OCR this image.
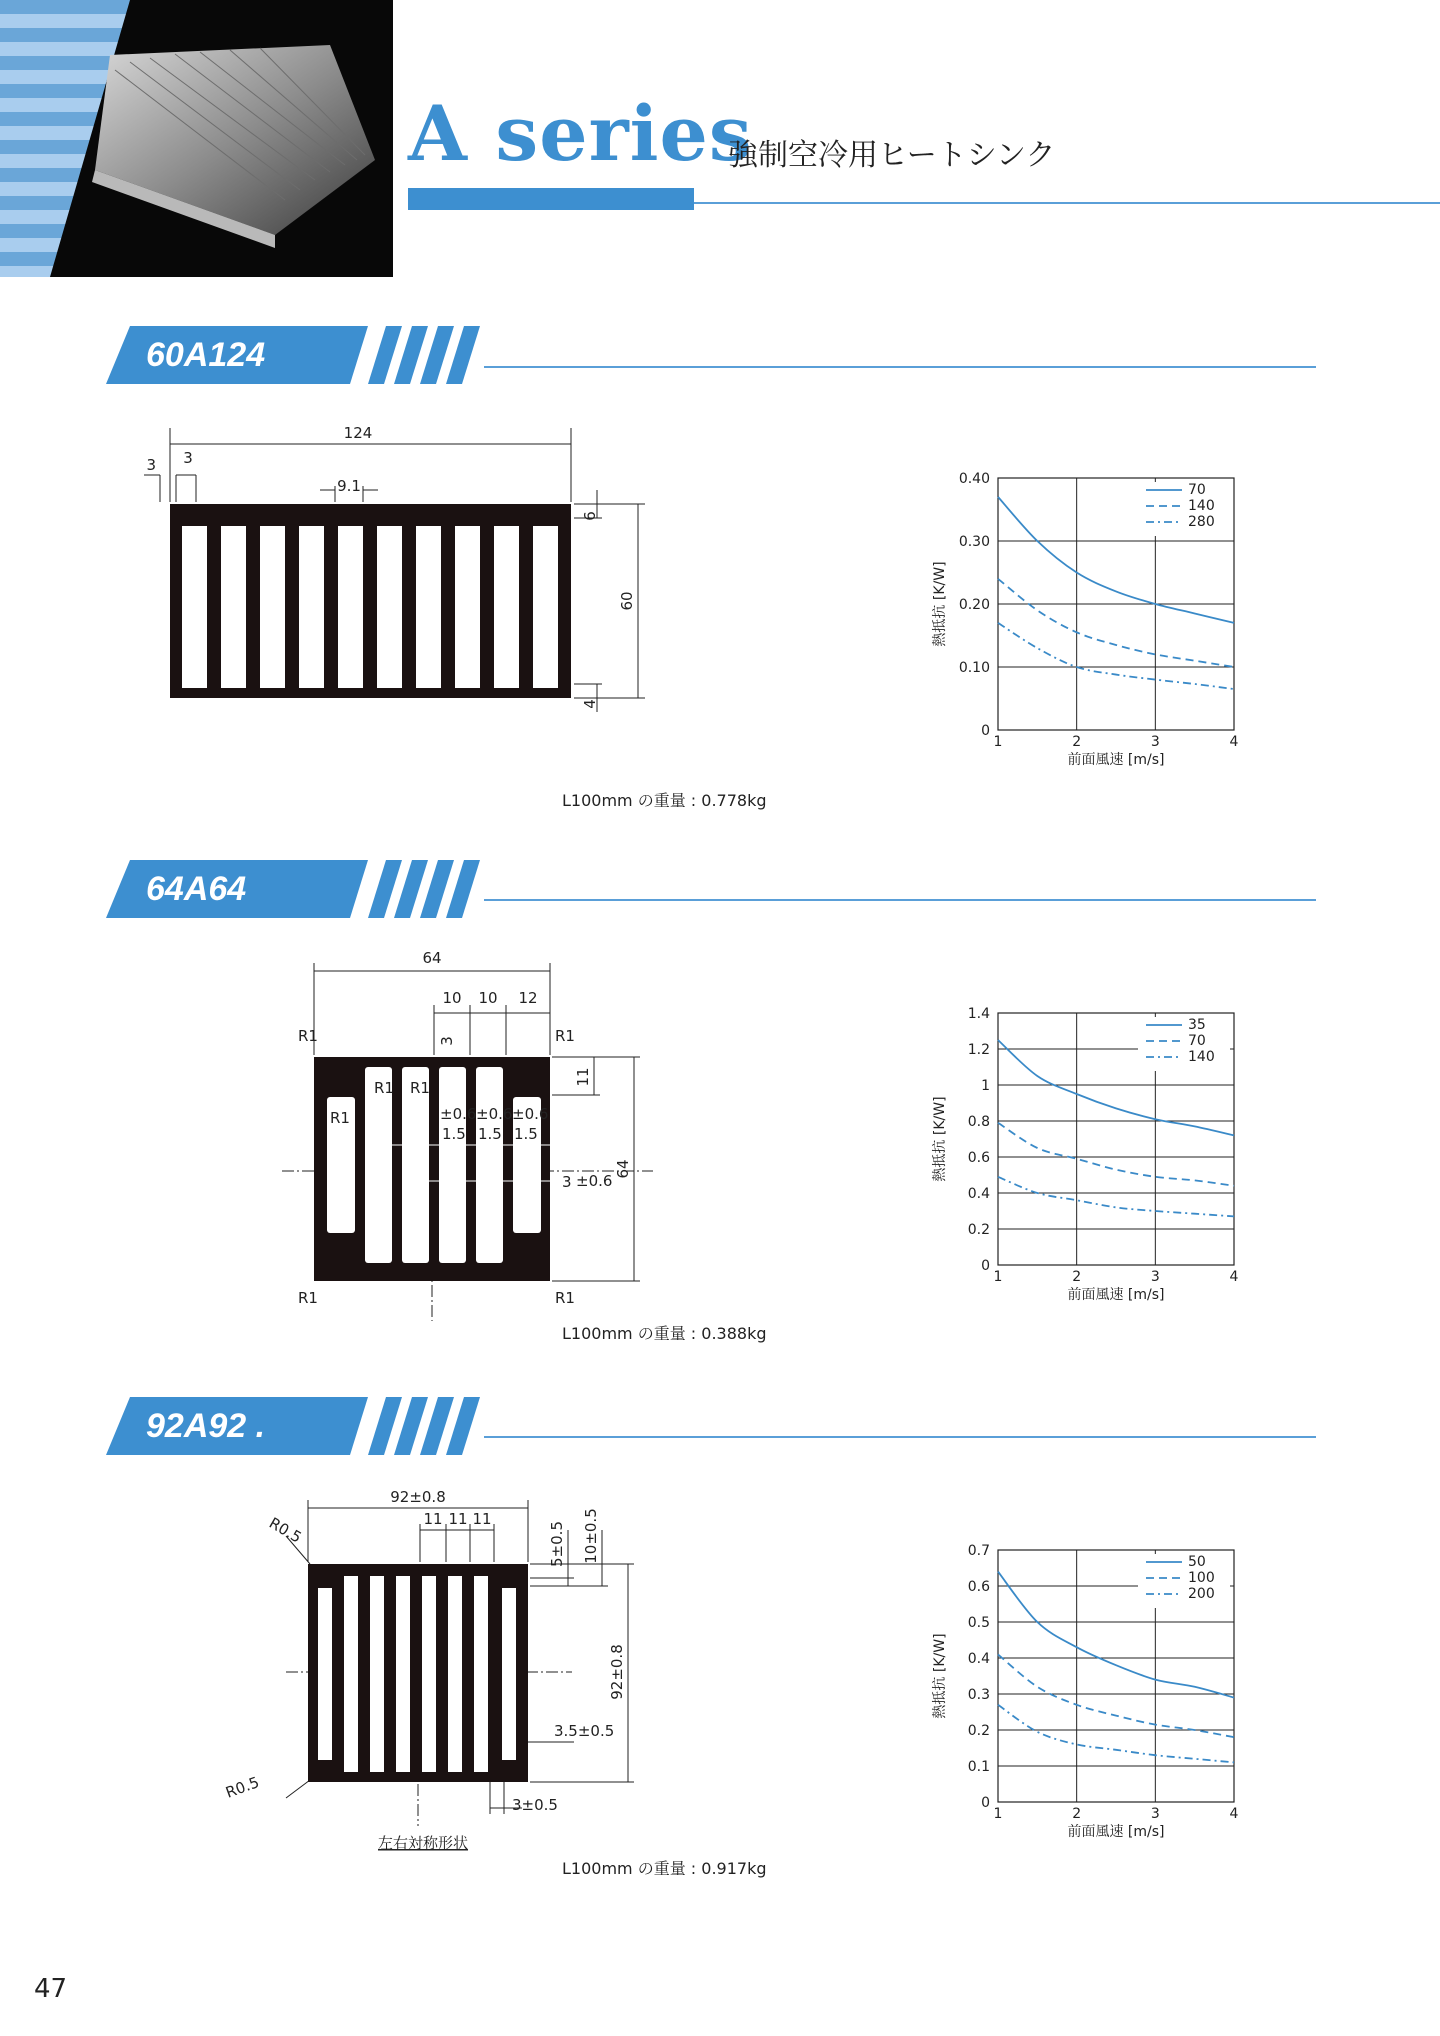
A series
強制空冷用ヒートシンク
60A124
124
3 3
9.1
6
60
4
L100mm の重量 : 0.778kg
0
0.10
0.20
0.30
0.40
1	2	3	4
前面風速 [m/s]
熱抵抗 [K/W]
70
140
280
64A64
64
10 10 12
3
11
64
R1	R1
R1	R1
R1 R1
R1	±0.6 ±0.6 ±0.6
1.5 1.5 1.5
3 ±0.6
L100mm の重量 : 0.388kg
0
0.2
0.4
0.6
0.8
1
1.2
1.4
1	2	3	4
前面風速 [m/s]
熱抵抗 [K/W]
35
70
140
92A92 .
92±0.8
11 11 11
5±0.5 10±0.5
92±0.8
3.5±0.5
3±0.5
R0.5
R0.5
左右対称形状
L100mm の重量 : 0.917kg
0
0.1
0.2
0.3
0.4
0.5
0.6
0.7
1	2	3	4
前面風速 [m/s]
熱抵抗 [K/W]
50
100
200
47
